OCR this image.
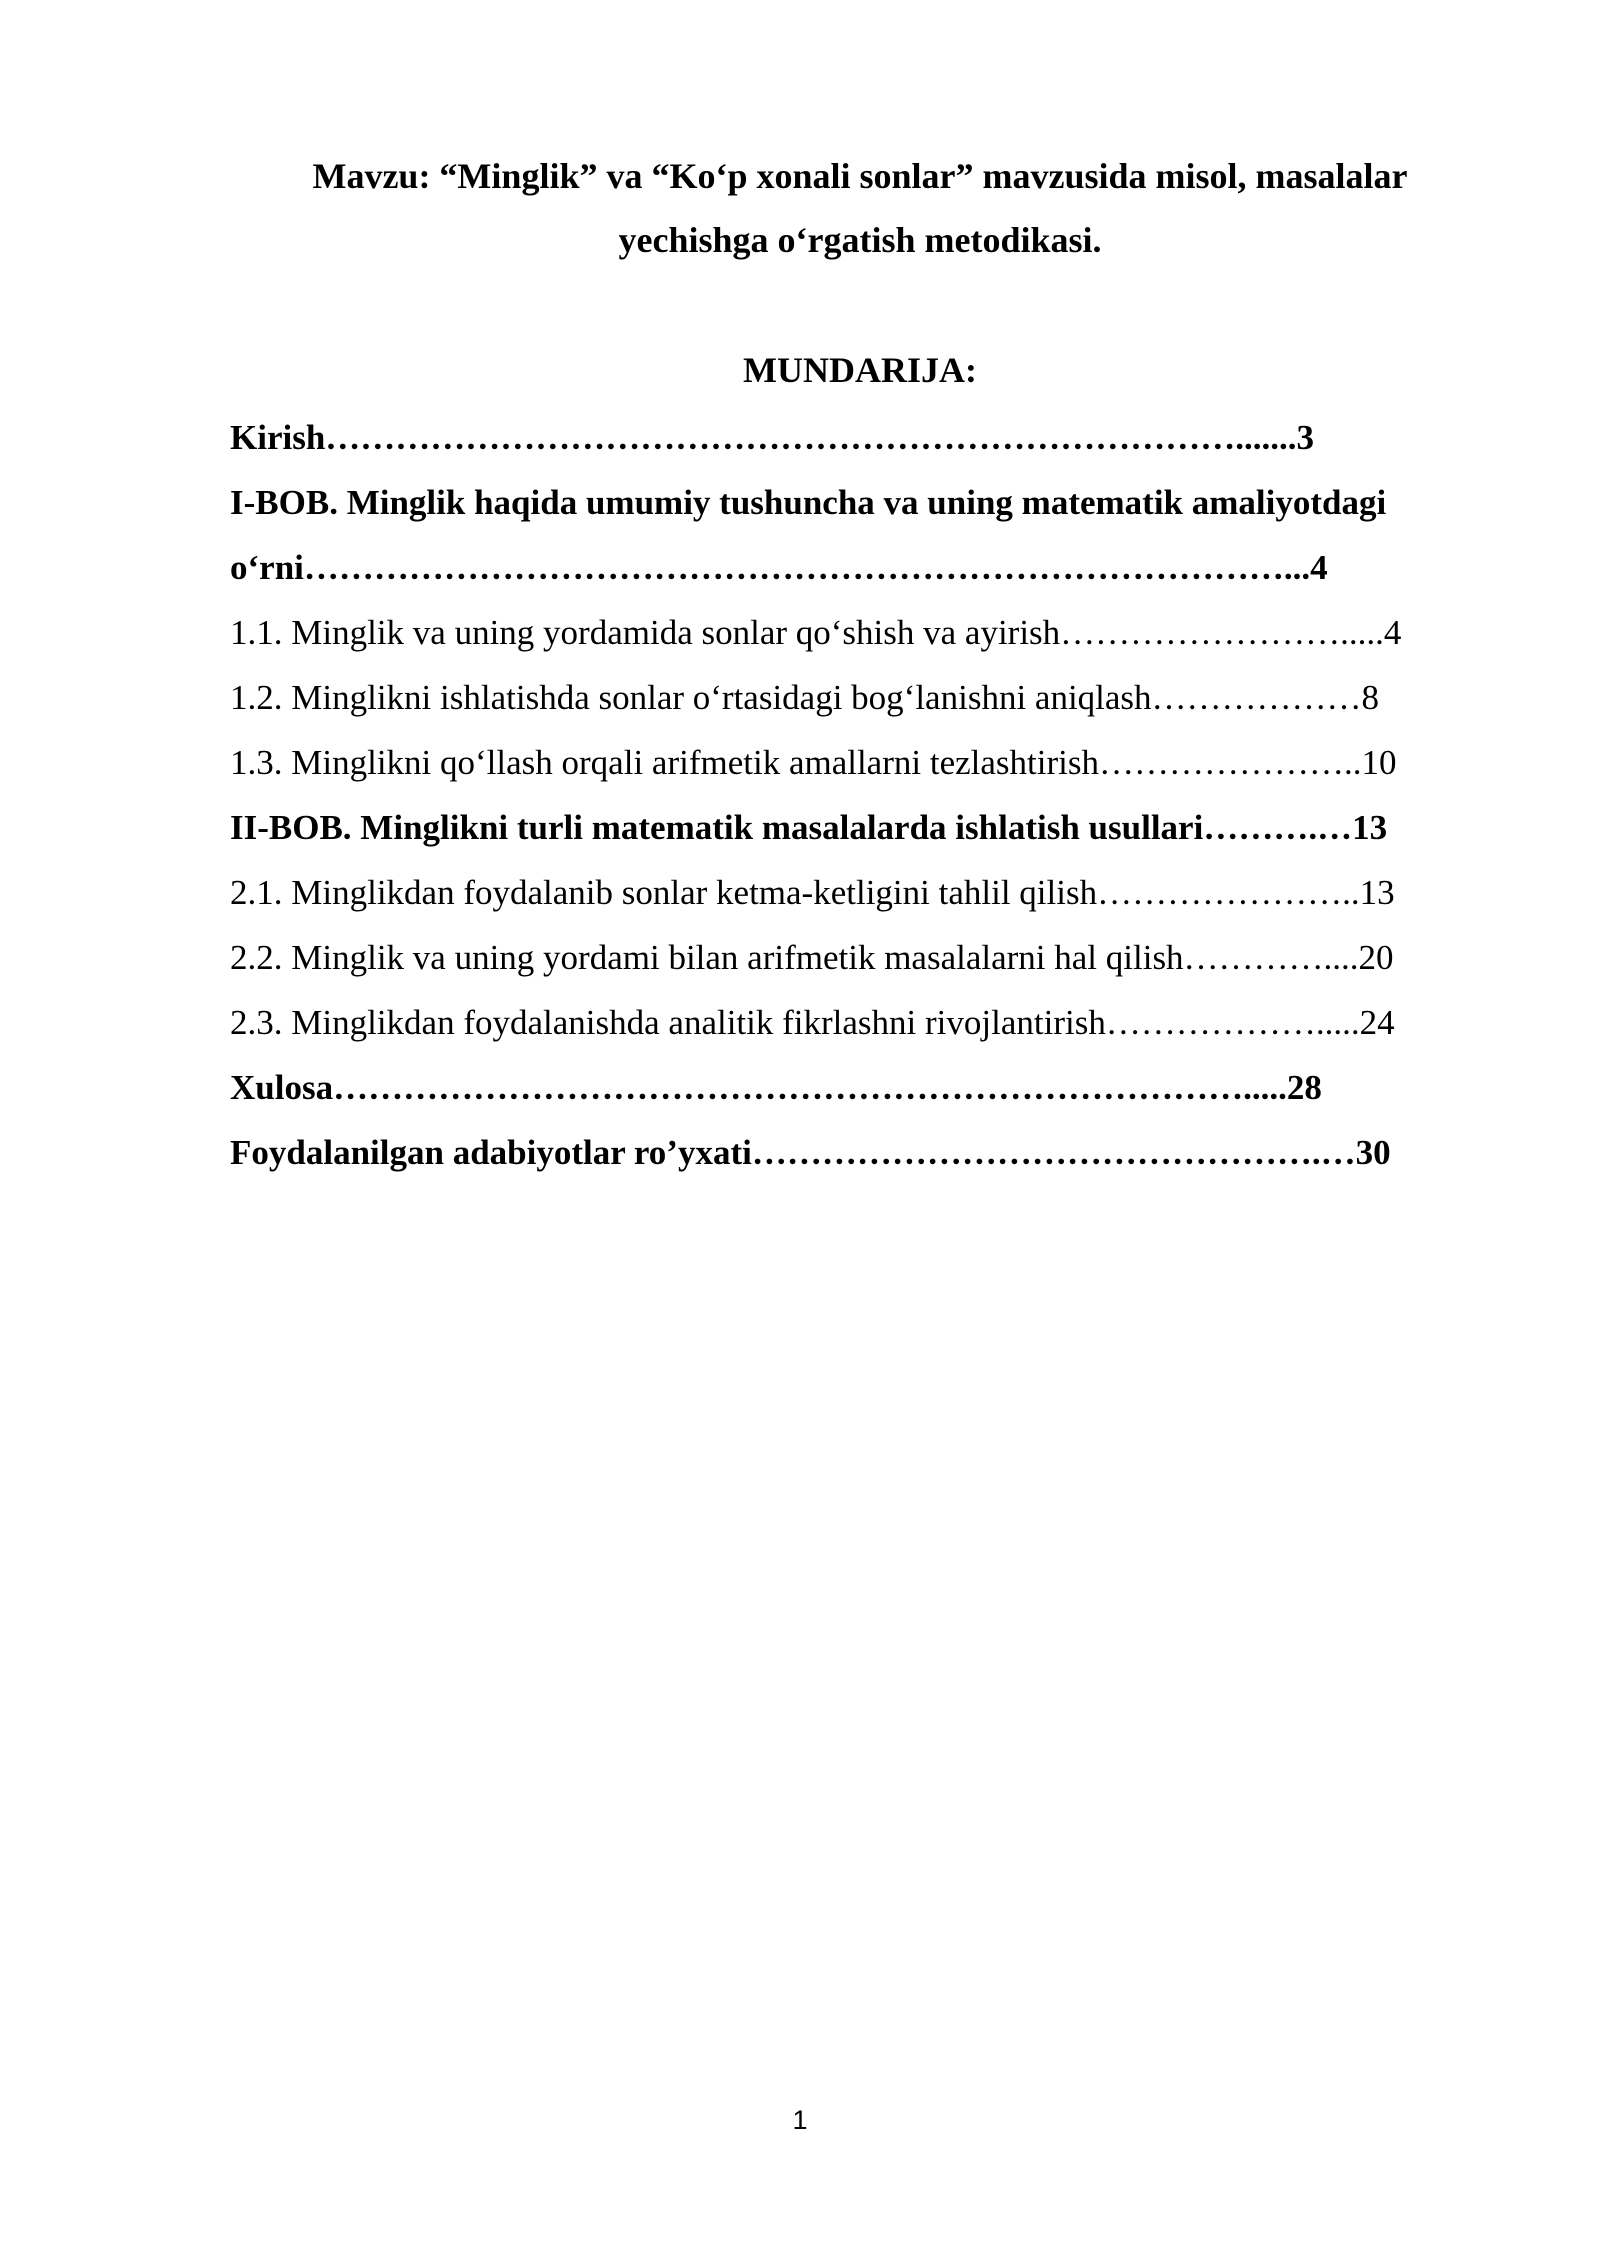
Mavzu: “Minglik” va “Ko‘p xonali sonlar” mavzusida misol, masalalar
yechishga o‘rgatish metodikasi.
MUNDARIJA:
Kirish…………………………………………………………………….......3
I-BOB. Minglik haqida umumiy tushuncha va uning matematik amaliyotdagi
o‘rni…………………………………………………………………………...4
1.1. Minglik va uning yordamida sonlar qo‘shish va ayirish…………………….....4
1.2. Minglikni ishlatishda sonlar o‘rtasidagi bog‘lanishni aniqlash………………8
1.3. Minglikni qo‘llash orqali arifmetik amallarni tezlashtirish…………………..10
II-BOB. Minglikni turli matematik masalalarda ishlatish usullari……….…13
2.1. Minglikdan foydalanib sonlar ketma-ketligini tahlil qilish…………………..13
2.2. Minglik va uning yordami bilan arifmetik masalalarni hal qilish…………....20
2.3. Minglikdan foydalanishda analitik fikrlashni rivojlantirish……………….....24
Xulosa…………………………………………………………………….....28
Foydalanilgan adabiyotlar ro’yxati………………………………………….…30
1
